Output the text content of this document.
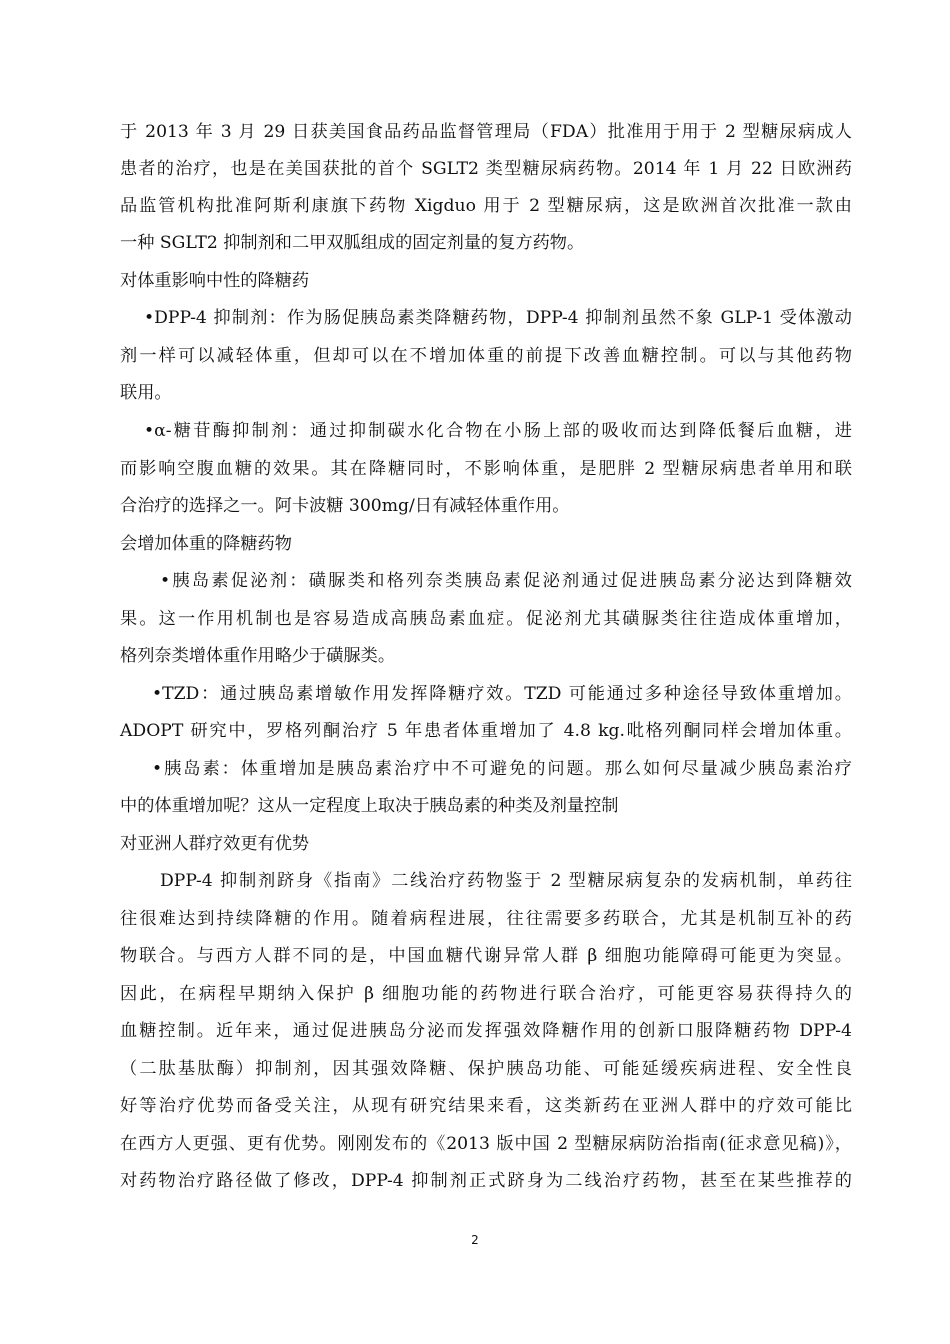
于 2013 年 3 月 29 日获美国食品药品监督管理局（FDA）批准用于用于 2 型糖尿病成人
患者的治疗，也是在美国获批的首个 SGLT2 类型糖尿病药物。2014 年 1 月 22 日欧洲药
品监管机构批准阿斯利康旗下药物 Xigduo 用于 2 型糖尿病，这是欧洲首次批准一款由
一种 SGLT2 抑制剂和二甲双胍组成的固定剂量的复方药物。
对体重影响中性的降糖药
•DPP-4 抑制剂：作为肠促胰岛素类降糖药物，DPP-4 抑制剂虽然不象 GLP-1 受体激动
剂一样可以减轻体重，但却可以在不增加体重的前提下改善血糖控制。可以与其他药物
联用。
•α-糖苷酶抑制剂：通过抑制碳水化合物在小肠上部的吸收而达到降低餐后血糖，进
而影响空腹血糖的效果。其在降糖同时，不影响体重，是肥胖 2 型糖尿病患者单用和联
合治疗的选择之一。阿卡波糖 300mg/日有减轻体重作用。
会增加体重的降糖药物
•胰岛素促泌剂：磺脲类和格列奈类胰岛素促泌剂通过促进胰岛素分泌达到降糖效
果。这一作用机制也是容易造成高胰岛素血症。促泌剂尤其磺脲类往往造成体重增加，
格列奈类增体重作用略少于磺脲类。
•TZD：通过胰岛素增敏作用发挥降糖疗效。TZD 可能通过多种途径导致体重增加。
ADOPT 研究中，罗格列酮治疗 5 年患者体重增加了 4.8 kg.吡格列酮同样会增加体重。
•胰岛素：体重增加是胰岛素治疗中不可避免的问题。那么如何尽量减少胰岛素治疗
中的体重增加呢？这从一定程度上取决于胰岛素的种类及剂量控制
对亚洲人群疗效更有优势
DPP-4 抑制剂跻身《指南》二线治疗药物鉴于 2 型糖尿病复杂的发病机制，单药往
往很难达到持续降糖的作用。随着病程进展，往往需要多药联合，尤其是机制互补的药
物联合。与西方人群不同的是，中国血糖代谢异常人群 β 细胞功能障碍可能更为突显。
因此，在病程早期纳入保护 β 细胞功能的药物进行联合治疗，可能更容易获得持久的
血糖控制。近年来，通过促进胰岛分泌而发挥强效降糖作用的创新口服降糖药物 DPP-4
（二肽基肽酶）抑制剂，因其强效降糖、保护胰岛功能、可能延缓疾病进程、安全性良
好等治疗优势而备受关注，从现有研究结果来看，这类新药在亚洲人群中的疗效可能比
在西方人更强、更有优势。刚刚发布的《2013 版中国 2 型糖尿病防治指南(征求意见稿)》，
对药物治疗路径做了修改，DPP-4 抑制剂正式跻身为二线治疗药物，甚至在某些推荐的
2
